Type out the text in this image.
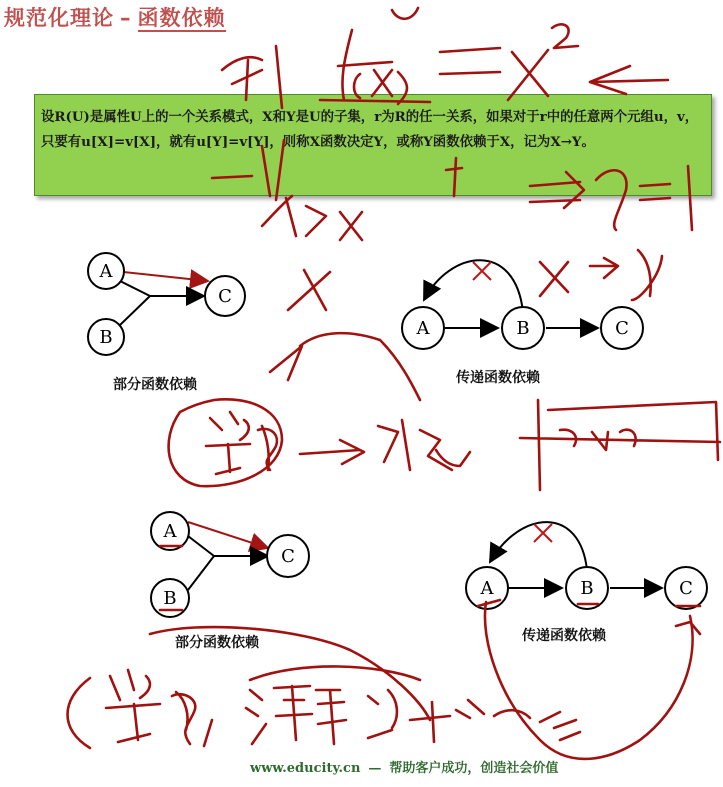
规范化理论 – 函数依赖

设R(U)是属性U上的一个关系模式，X和Y是U的子集，r为R的任一关系，如果对于r中的任意两个元组u，v，只要有u[X]=v[X]，就有u[Y]=v[Y]，则称X函数决定Y，或称Y函数依赖于X，记为X→Y。

A
B
C
部分函数依赖
A	B	C
传递函数依赖
A
B
C
部分函数依赖
A	B	C
传递函数依赖

www.educity.cn — 帮助客户成功，创造社会价值
